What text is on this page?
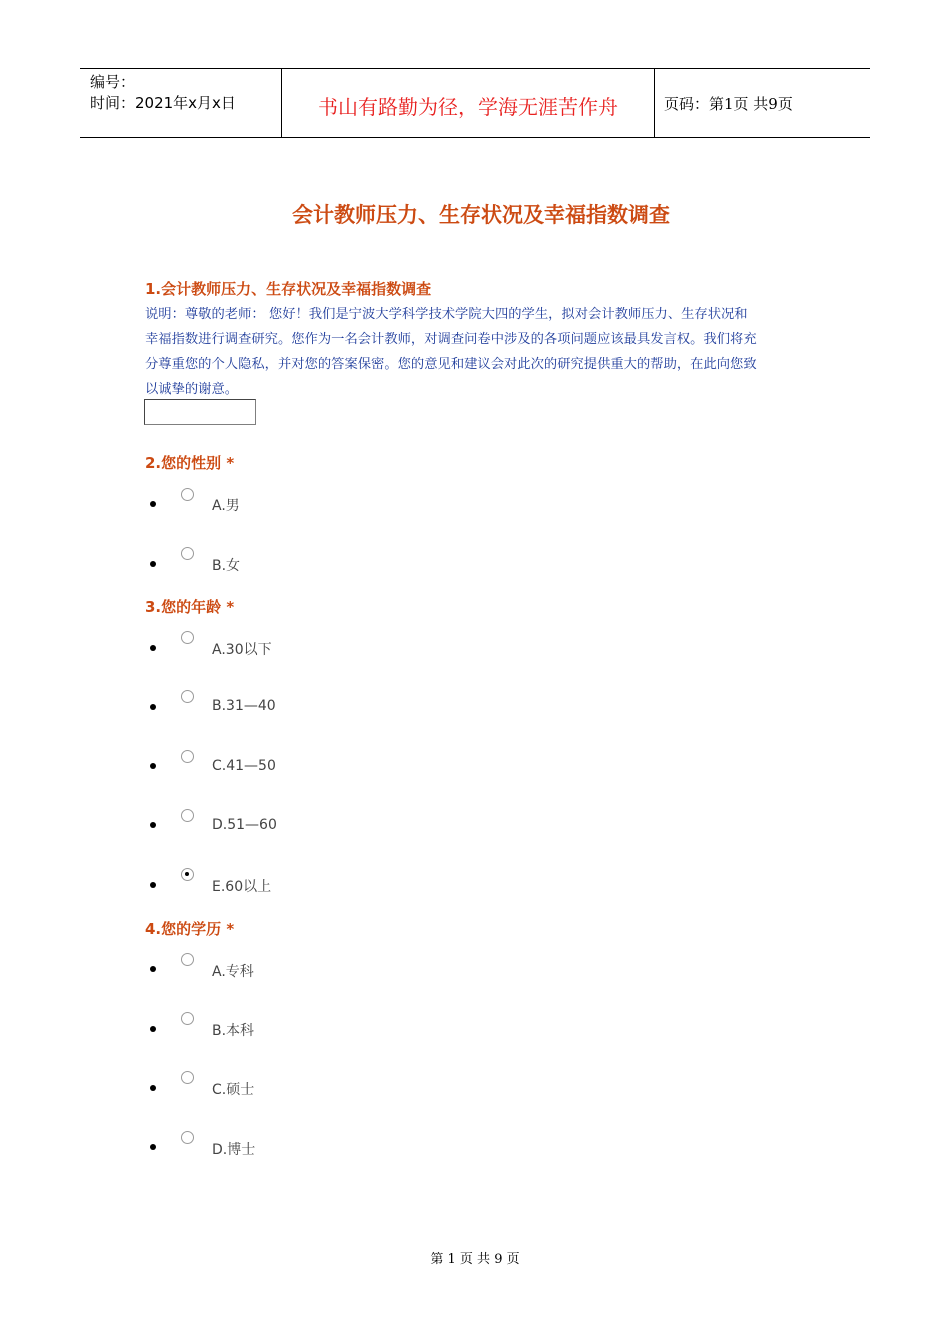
编号：
时间：2021年x月x日	书山有路勤为径，学海无涯苦作舟	页码：第1页 共9页
会计教师压力、生存状况及幸福指数调查
1.会计教师压力、生存状况及幸福指数调查
说明：尊敬的老师： 您好！我们是宁波大学科学技术学院大四的学生，拟对会计教师压力、生存状况和
幸福指数进行调查研究。您作为一名会计教师，对调查问卷中涉及的各项问题应该最具发言权。我们将充
分尊重您的个人隐私，并对您的答案保密。您的意见和建议会对此次的研究提供重大的帮助，在此向您致
以诚挚的谢意。
2.您的性别 *
A.男
B.女
3.您的年龄 *
A.30以下
B.31—40
C.41—50
D.51—60
E.60以上
4.您的学历 *
A.专科
B.本科
C.硕士
D.博士
第 1 页 共 9 页
